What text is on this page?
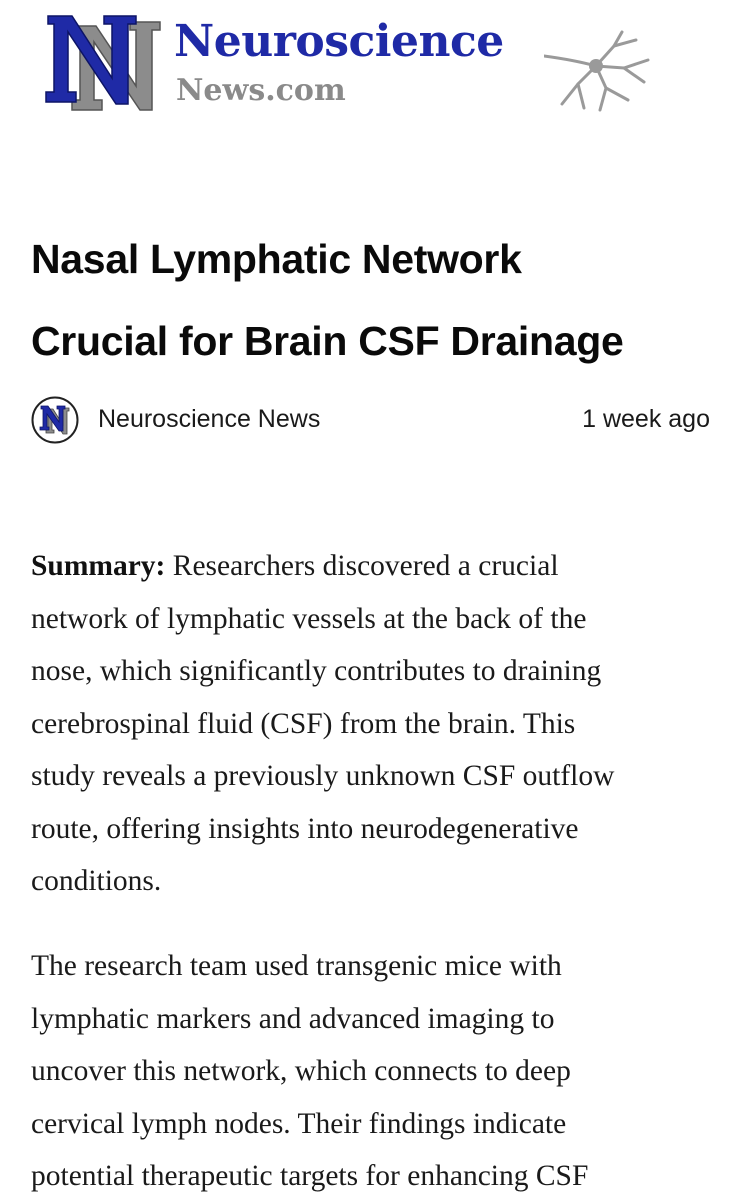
Neuroscience
News.com
Nasal Lymphatic Network
Crucial for Brain CSF Drainage
Neuroscience News	1 week ago

Summary: Researchers discovered a crucial
network of lymphatic vessels at the back of the
nose, which significantly contributes to draining
cerebrospinal fluid (CSF) from the brain. This
study reveals a previously unknown CSF outflow
route, offering insights into neurodegenerative
conditions.

The research team used transgenic mice with
lymphatic markers and advanced imaging to
uncover this network, which connects to deep
cervical lymph nodes. Their findings indicate
potential therapeutic targets for enhancing CSF
